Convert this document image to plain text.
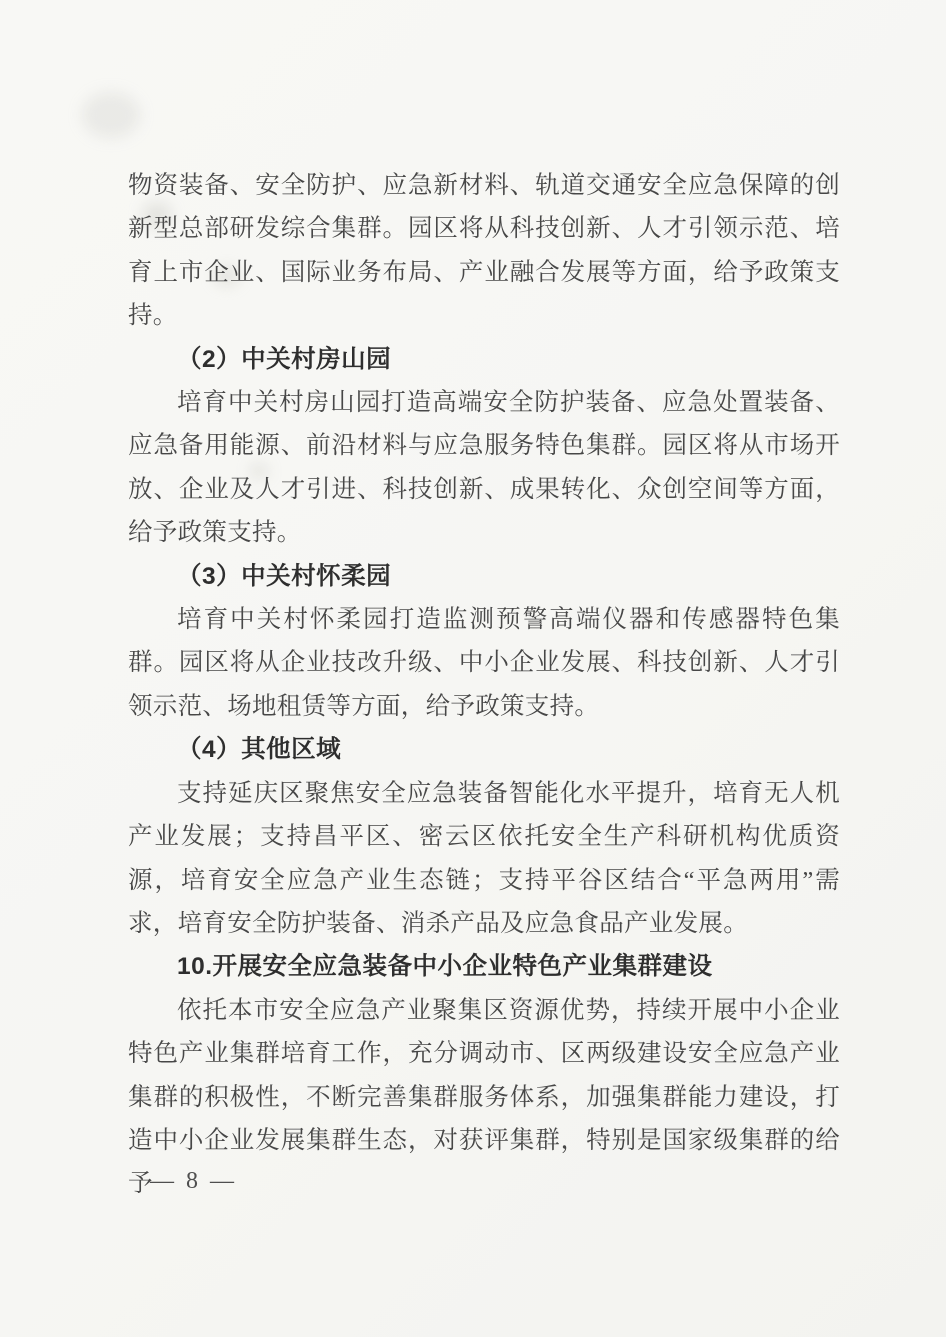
物资装备、安全防护、应急新材料、轨道交通安全应急保障的创新型总部研发综合集群。园区将从科技创新、人才引领示范、培育上市企业、国际业务布局、产业融合发展等方面，给予政策支持。

（2）中关村房山园

培育中关村房山园打造高端安全防护装备、应急处置装备、应急备用能源、前沿材料与应急服务特色集群。园区将从市场开放、企业及人才引进、科技创新、成果转化、众创空间等方面，给予政策支持。

（3）中关村怀柔园

培育中关村怀柔园打造监测预警高端仪器和传感器特色集群。园区将从企业技改升级、中小企业发展、科技创新、人才引领示范、场地租赁等方面，给予政策支持。

（4）其他区域

支持延庆区聚焦安全应急装备智能化水平提升，培育无人机产业发展；支持昌平区、密云区依托安全生产科研机构优质资源，培育安全应急产业生态链；支持平谷区结合“平急两用”需求，培育安全防护装备、消杀产品及应急食品产业发展。

10.开展安全应急装备中小企业特色产业集群建设

依托本市安全应急产业聚集区资源优势，持续开展中小企业特色产业集群培育工作，充分调动市、区两级建设安全应急产业集群的积极性，不断完善集群服务体系，加强集群能力建设，打造中小企业发展集群生态，对获评集群，特别是国家级集群的给予

— 8 —
